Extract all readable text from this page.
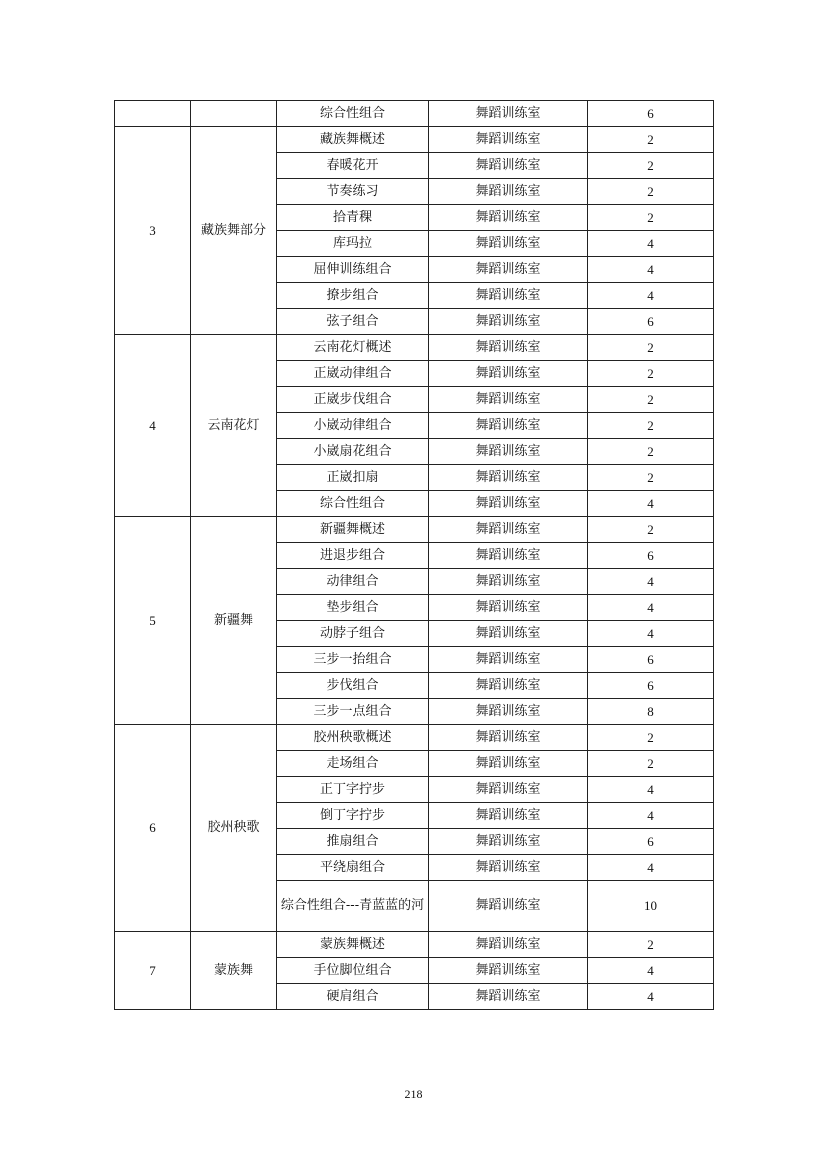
		综合性组合	舞蹈训练室	6
3	藏族舞部分	藏族舞概述	舞蹈训练室	2
		春暖花开	舞蹈训练室	2
		节奏练习	舞蹈训练室	2
		拾青稞	舞蹈训练室	2
		库玛拉	舞蹈训练室	4
		屈伸训练组合	舞蹈训练室	4
		撩步组合	舞蹈训练室	4
		弦子组合	舞蹈训练室	6
4	云南花灯	云南花灯概述	舞蹈训练室	2
		正崴动律组合	舞蹈训练室	2
		正崴步伐组合	舞蹈训练室	2
		小崴动律组合	舞蹈训练室	2
		小崴扇花组合	舞蹈训练室	2
		正崴扣扇	舞蹈训练室	2
		综合性组合	舞蹈训练室	4
5	新疆舞	新疆舞概述	舞蹈训练室	2
		进退步组合	舞蹈训练室	6
		动律组合	舞蹈训练室	4
		垫步组合	舞蹈训练室	4
		动脖子组合	舞蹈训练室	4
		三步一抬组合	舞蹈训练室	6
		步伐组合	舞蹈训练室	6
		三步一点组合	舞蹈训练室	8
6	胶州秧歌	胶州秧歌概述	舞蹈训练室	2
		走场组合	舞蹈训练室	2
		正丁字拧步	舞蹈训练室	4
		倒丁字拧步	舞蹈训练室	4
		推扇组合	舞蹈训练室	6
		平绕扇组合	舞蹈训练室	4
		综合性组合---青蓝蓝的河	舞蹈训练室	10
7	蒙族舞	蒙族舞概述	舞蹈训练室	2
		手位脚位组合	舞蹈训练室	4
		硬肩组合	舞蹈训练室	4
218
